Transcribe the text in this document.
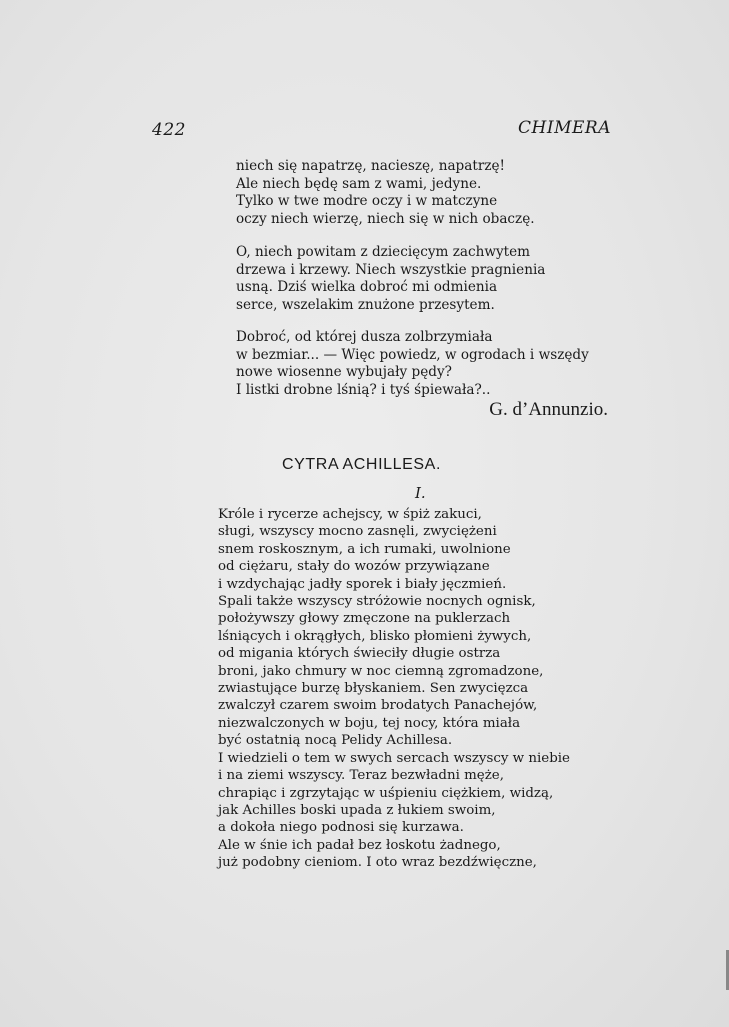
422	CHIMERA
niech się napatrzę, nacieszę, napatrzę!
Ale niech będę sam z wami, jedyne.
Tylko w twe modre oczy i w matczyne
oczy niech wierzę, niech się w nich obaczę.
O, niech powitam z dziecięcym zachwytem
drzewa i krzewy. Niech wszystkie pragnienia
usną. Dziś wielka dobroć mi odmienia
serce, wszelakim znużone przesytem.
Dobroć, od której dusza zolbrzymiała
w bezmiar... — Więc powiedz, w ogrodach i wszędy
nowe wiosenne wybujały pędy?
I listki drobne lśnią? i tyś śpiewała?..
G. d’Annunzio.
CYTRA ACHILLESA.
I.
Króle i rycerze achejscy, w śpiż zakuci,
sługi, wszyscy mocno zasnęli, zwyciężeni
snem roskosznym, a ich rumaki, uwolnione
od ciężaru, stały do wozów przywiązane
i wzdychając jadły sporek i biały jęczmień.
Spali także wszyscy stróżowie nocnych ognisk,
położywszy głowy zmęczone na puklerzach
lśniących i okrągłych, blisko płomieni żywych,
od migania których świeciły długie ostrza
broni, jako chmury w noc ciemną zgromadzone,
zwiastujące burzę błyskaniem. Sen zwycięzca
zwalczył czarem swoim brodatych Panachejów,
niezwalczonych w boju, tej nocy, która miała
być ostatnią nocą Pelidy Achillesa.
I wiedzieli o tem w swych sercach wszyscy w niebie
i na ziemi wszyscy. Teraz bezwładni męże,
chrapiąc i zgrzytając w uśpieniu ciężkiem, widzą,
jak Achilles boski upada z łukiem swoim,
a dokoła niego podnosi się kurzawa.
Ale w śnie ich padał bez łoskotu żadnego,
już podobny cieniom. I oto wraz bezdźwięczne,
